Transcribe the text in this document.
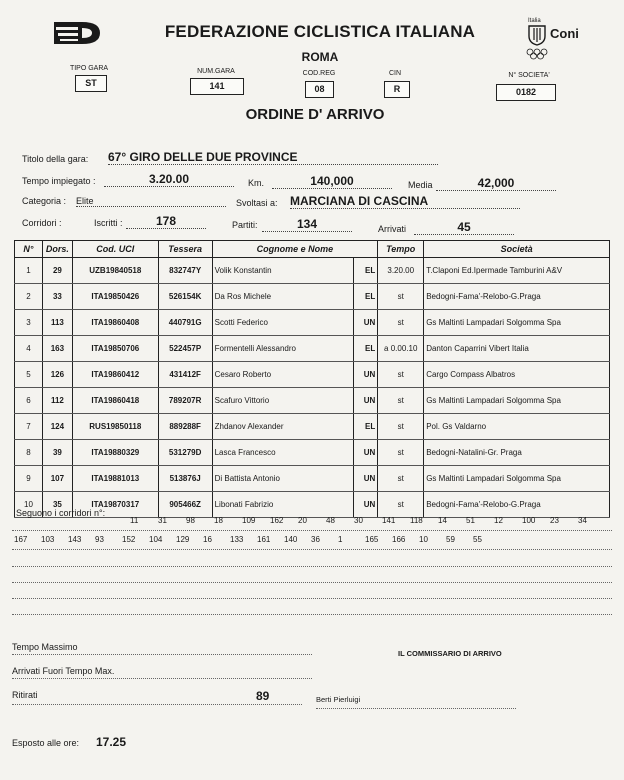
FEDERAZIONE CICLISTICA ITALIANA
ROMA
Italia
Coni
TIPO GARA
ST
NUM.GARA
141
COD.REG
08
CIN
R
N° SOCIETA'
0182
ORDINE D' ARRIVO
Titolo della gara: 67° GIRO DELLE DUE PROVINCE
Tempo impiegato :	3.20.00	Km.	140,000	Media	42,000
Categoria : Elite	Svoltasi a: MARCIANA DI CASCINA
Corridori :	Iscritti :	178	Partiti:	134	Arrivati	45
N°	Dors.	Cod. UCI	Tessera	Cognome e Nome		Tempo	Società
1	29	UZB19840518	832747Y	Volik Konstantin	EL	3.20.00	T.Claponi Ed.Ipermade Tamburini A&V
2	33	ITA19850426	526154K	Da Ros Michele	EL	st	Bedogni-Fama'-Relobo-G.Praga
3	113	ITA19860408	440791G	Scotti Federico	UN	st	Gs Maltinti Lampadari Solgomma Spa
4	163	ITA19850706	522457P	Formentelli Alessandro	EL	a 0.00.10	Danton Caparrini Vibert Italia
5	126	ITA19860412	431412F	Cesaro Roberto	UN	st	Cargo Compass Albatros
6	112	ITA19860418	789207R	Scafuro Vittorio	UN	st	Gs Maltinti Lampadari Solgomma Spa
7	124	RUS19850118	889288F	Zhdanov Alexander	EL	st	Pol. Gs Valdarno
8	39	ITA19880329	531279D	Lasca Francesco	UN	st	Bedogni-Natalini-Gr. Praga
9	107	ITA19881013	513876J	Di Battista Antonio	UN	st	Gs Maltinti Lampadari Solgomma Spa
10	35	ITA19870317	905466Z	Libonati Fabrizio	UN	st	Bedogni-Fama'-Relobo-G.Praga
Seguono i corridori n°:
11 31 98 18 109 162 20 48 30 141 118 14 51 12 100 23 34
167 103 143 93 152 104 129 16 133 161 140 36 1	165 166 10 59 55
Tempo Massimo
IL COMMISSARIO DI ARRIVO
Arrivati Fuori Tempo Max.
Ritirati	89	Berti Pierluigi
Esposto alle ore: 17.25
